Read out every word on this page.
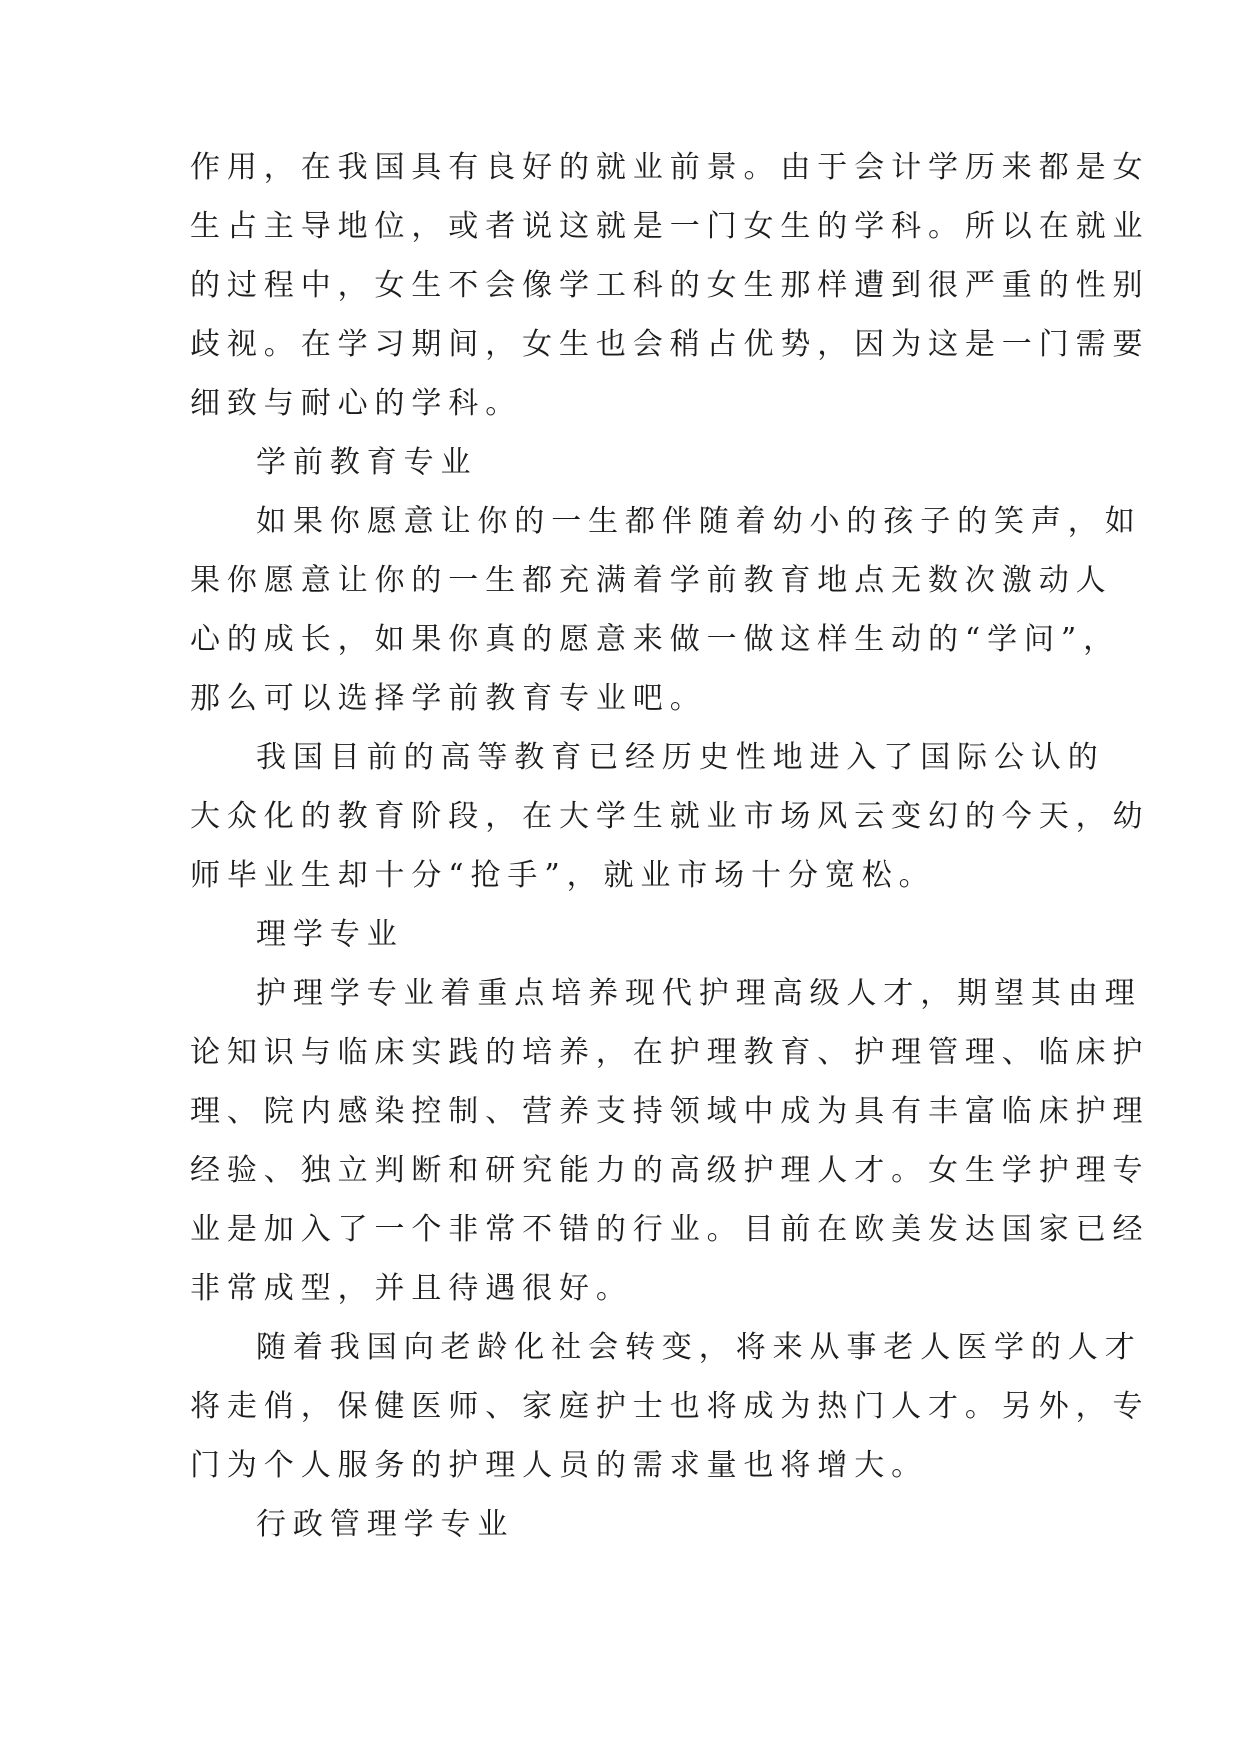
作用，在我国具有良好的就业前景。由于会计学历来都是女

生占主导地位，或者说这就是一门女生的学科。所以在就业

的过程中，女生不会像学工科的女生那样遭到很严重的性别

歧视。在学习期间，女生也会稍占优势，因为这是一门需要

细致与耐心的学科。

学前教育专业

如果你愿意让你的一生都伴随着幼小的孩子的笑声，如

果你愿意让你的一生都充满着学前教育地点无数次激动人

心的成长，如果你真的愿意来做一做这样生动的“学问”，

那么可以选择学前教育专业吧。

我国目前的高等教育已经历史性地进入了国际公认的

大众化的教育阶段，在大学生就业市场风云变幻的今天，幼

师毕业生却十分“抢手”，就业市场十分宽松。

理学专业

护理学专业着重点培养现代护理高级人才，期望其由理

论知识与临床实践的培养，在护理教育、护理管理、临床护

理、院内感染控制、营养支持领域中成为具有丰富临床护理

经验、独立判断和研究能力的高级护理人才。女生学护理专

业是加入了一个非常不错的行业。目前在欧美发达国家已经

非常成型，并且待遇很好。

随着我国向老龄化社会转变，将来从事老人医学的人才

将走俏，保健医师、家庭护士也将成为热门人才。另外，专

门为个人服务的护理人员的需求量也将增大。

行政管理学专业
